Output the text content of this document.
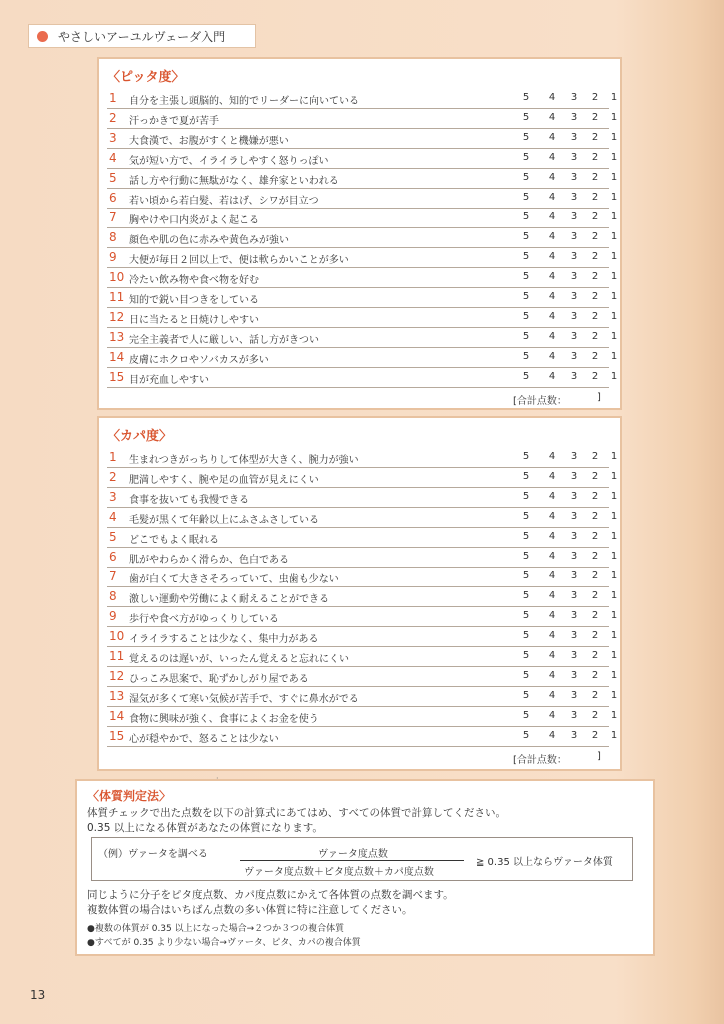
やさしいアーユルヴェーダ入門
〈ピッタ度〉
1	自分を主張し頭脳的、知的でリーダーに向いている	5 4 3 2 1
2	汗っかきで夏が苦手	5 4 3 2 1
3	大食漢で、お腹がすくと機嫌が悪い	5 4 3 2 1
4	気が短い方で、イライラしやすく怒りっぽい	5 4 3 2 1
5	話し方や行動に無駄がなく、雄弁家といわれる	5 4 3 2 1
6	若い頃から若白髪、若はげ、シワが目立つ	5 4 3 2 1
7	胸やけや口内炎がよく起こる	5 4 3 2 1
8	顔色や肌の色に赤みや黄色みが強い	5 4 3 2 1
9	大便が毎日２回以上で、便は軟らかいことが多い	5 4 3 2 1
10 冷たい飲み物や食べ物を好む	5 4 3 2 1
11 知的で鋭い目つきをしている	5 4 3 2 1
12 日に当たると日焼けしやすい	5 4 3 2 1
13 完全主義者で人に厳しい、話し方がきつい	5 4 3 2 1
14 皮膚にホクロやソバカスが多い	5 4 3 2 1
15 目が充血しやすい	5 4 3 2 1
[合計点数：	]
〈カパ度〉
1	生まれつきがっちりして体型が大きく、腕力が強い	5 4 3 2 1
2	肥満しやすく、腕や足の血管が見えにくい	5 4 3 2 1
3	食事を抜いても我慢できる	5 4 3 2 1
4	毛髪が黒くて年齢以上にふさふさしている	5 4 3 2 1
5	どこでもよく眠れる	5 4 3 2 1
6	肌がやわらかく滑らか、色白である	5 4 3 2 1
7	歯が白くて大きさそろっていて、虫歯も少ない	5 4 3 2 1
8	激しい運動や労働によく耐えることができる	5 4 3 2 1
9	歩行や食べ方がゆっくりしている	5 4 3 2 1
10 イライラすることは少なく、集中力がある	5 4 3 2 1
11 覚えるのは遅いが、いったん覚えると忘れにくい	5 4 3 2 1
12 ひっこみ思案で、恥ずかしがり屋である	5 4 3 2 1
13 湿気が多くて寒い気候が苦手で、すぐに鼻水がでる	5 4 3 2 1
14 食物に興味が強く、食事によくお金を使う	5 4 3 2 1
15 心が穏やかで、怒ることは少ない	5 4 3 2 1
[合計点数：	]
〈体質判定法〉
体質チェックで出た点数を以下の計算式にあてはめ、すべての体質で計算してください。
0.35 以上になる体質があなたの体質になります。
（例）ヴァータを調べる	ヴァータ度点数
ヴァータ度点数＋ピタ度点数＋カパ度点数
≧ 0.35 以上ならヴァータ体質
同じように分子をピタ度点数、カパ度点数にかえて各体質の点数を調べます。
複数体質の場合はいちばん点数の多い体質に特に注意してください。
●複数の体質が 0.35 以上になった場合→２つか３つの複合体質
●すべてが 0.35 より少ない場合→ヴァータ、ピタ、カパの複合体質
13
